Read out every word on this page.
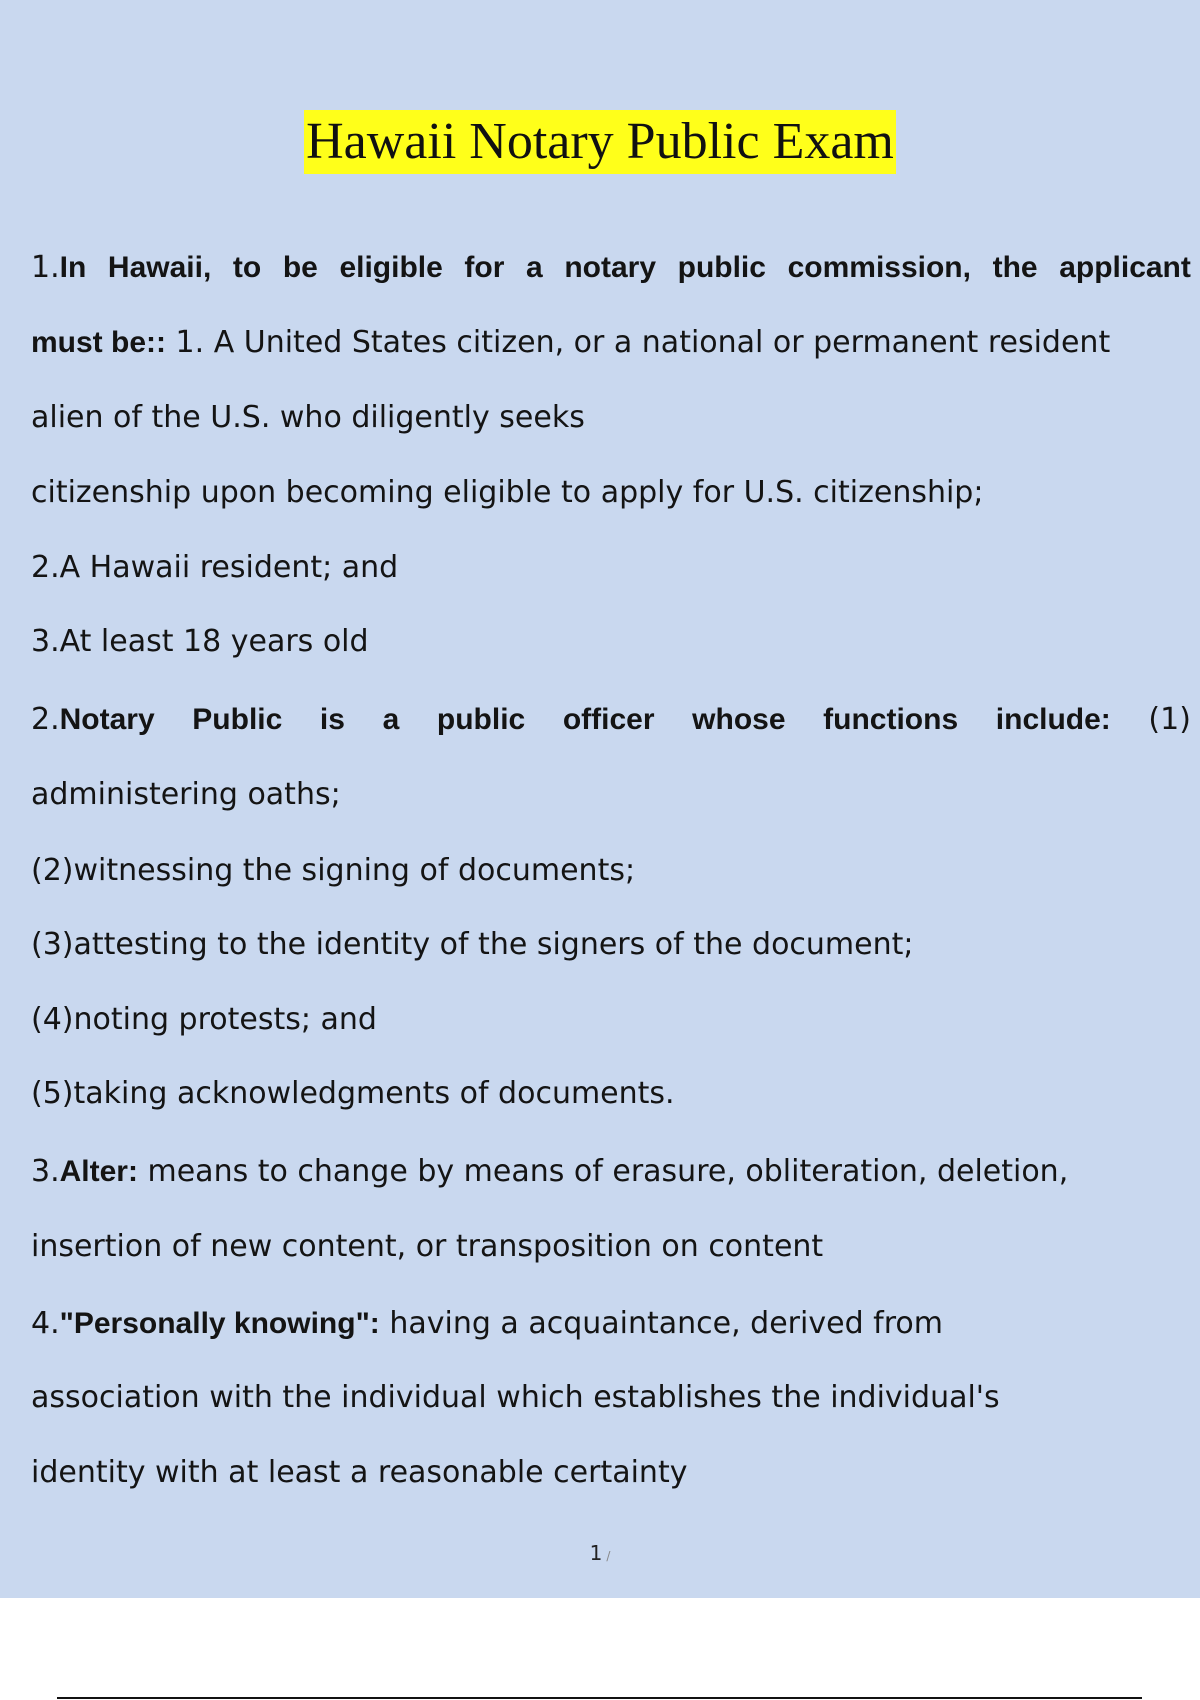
Hawaii Notary Public Exam
1.In Hawaii, to be eligible for a notary public commission, the applicant
must be:: 1. A United States citizen, or a national or permanent resident
alien of the U.S. who diligently seeks
citizenship upon becoming eligible to apply for U.S. citizenship;
2.A Hawaii resident; and
3.At least 18 years old
2.Notary Public is a public officer whose functions include: (1)
administering oaths;
(2)witnessing the signing of documents;
(3)attesting to the identity of the signers of the document;
(4)noting protests; and
(5)taking acknowledgments of documents.
3.Alter: means to change by means of erasure, obliteration, deletion,
insertion of new content, or transposition on content
4."Personally knowing": having a acquaintance, derived from
association with the individual which establishes the individual's
identity with at least a reasonable certainty
1 /
